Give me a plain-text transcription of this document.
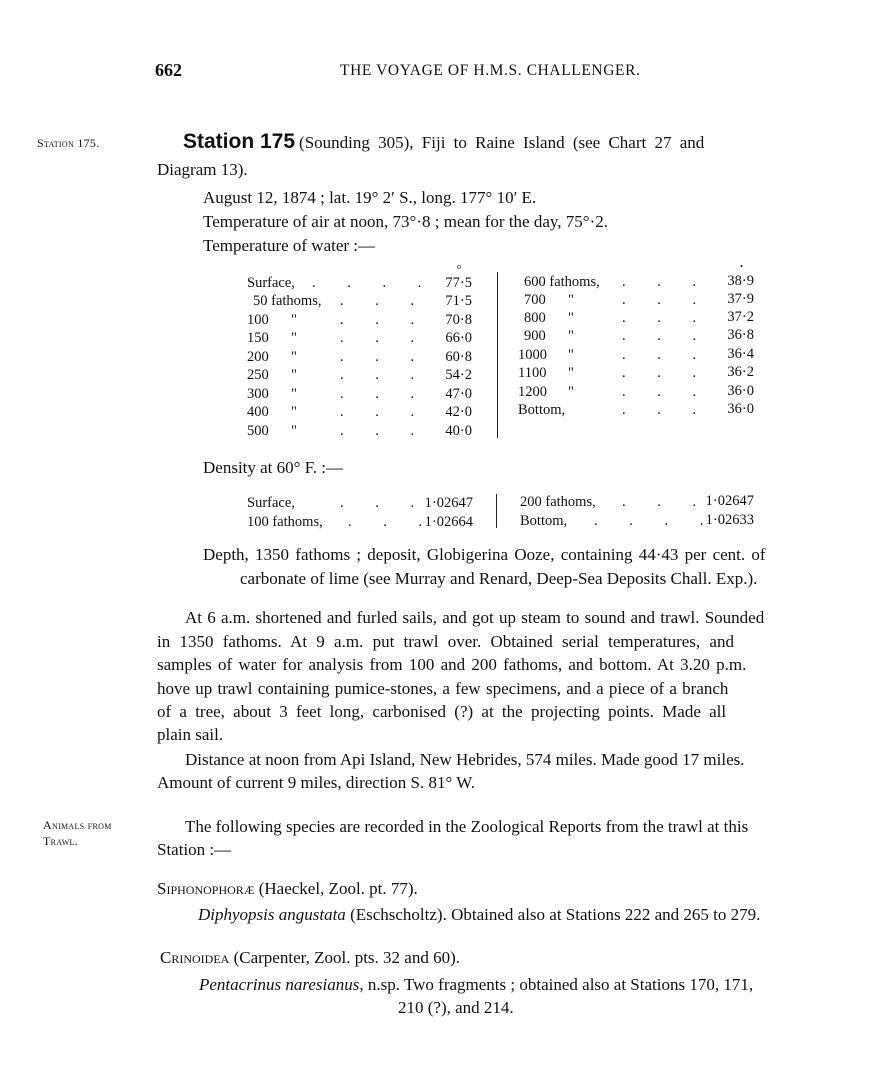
662	THE VOYAGE OF H.M.S. CHALLENGER.
Station 175.
Animals from
Trawl.
Station 175 (Sounding 305), Fiji to Raine Island (see Chart 27 and
Diagram 13).
August 12, 1874 ; lat. 19° 2′ S., long. 177° 10′ E.
Temperature of air at noon, 73°·8 ; mean for the day, 75°·2.
Temperature of water :—
Surface,
50 fathoms,
100
150
200
250
300
400
500
"
"
"
"
"
"
"
. . . .
. . .
. . .
. . .
. . .
. . .
. . .
. . .
. . .
o
77·5
71·5
70·8
66·0
60·8
54·2
47·0
42·0
40·0
600 fathoms,
700
800
900
1000
1100
1200
Bottom,
"
"
"
"
"
"
. . .
. . .
. . .
. . .
. . .
. . .
. . .
. . .
•
38·9
37·9
37·2
36·8
36·4
36·2
36·0
36·0
Density at 60° F. :—
Surface,
100 fathoms,
. . .
. . .
1·02647
1·02664
200 fathoms,
Bottom,
. . .
. . . .
1·02647
1·02633
Depth, 1350 fathoms ; deposit, Globigerina Ooze, containing 44·43 per cent. of
carbonate of lime (see Murray and Renard, Deep-Sea Deposits Chall. Exp.).
At 6 a.m. shortened and furled sails, and got up steam to sound and trawl. Sounded
in 1350 fathoms. At 9 a.m. put trawl over. Obtained serial temperatures, and
samples of water for analysis from 100 and 200 fathoms, and bottom. At 3.20 p.m.
hove up trawl containing pumice-stones, a few specimens, and a piece of a branch
of a tree, about 3 feet long, carbonised (?) at the projecting points. Made all
plain sail.
Distance at noon from Api Island, New Hebrides, 574 miles. Made good 17 miles.
Amount of current 9 miles, direction S. 81° W.
The following species are recorded in the Zoological Reports from the trawl at this
Station :—
Siphonophoræ (Haeckel, Zool. pt. 77).
Diphyopsis angustata (Eschscholtz). Obtained also at Stations 222 and 265 to 279.
Crinoidea (Carpenter, Zool. pts. 32 and 60).
Pentacrinus naresianus, n.sp. Two fragments ; obtained also at Stations 170, 171,
210 (?), and 214.
